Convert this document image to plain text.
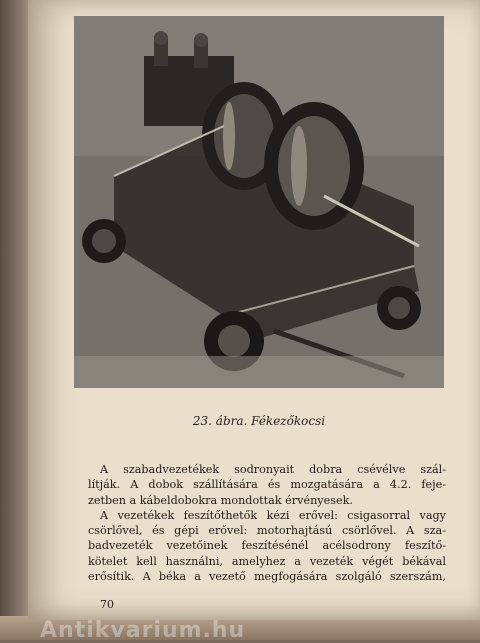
23. ábra. Fékezőkocsi
A szabadvezetékek sodronyait dobra csévélve szál-
lítják. A dobok szállítására és mozgatására a 4.2. feje-
zetben a kábeldobokra mondottak érvényesek.
A vezetékek feszítőthetők kézi erővel: csigasorral vagy
csörlővel, és gépi erővel: motorhajtású csörlővel. A sza-
badvezeték vezetőinek feszítésénél acélsodrony feszítő-
kötelet kell használni, amelyhez a vezeték végét békával
erősítik. A béka a vezető megfogására szolgáló szerszám,
70
Antikvarium.hu
